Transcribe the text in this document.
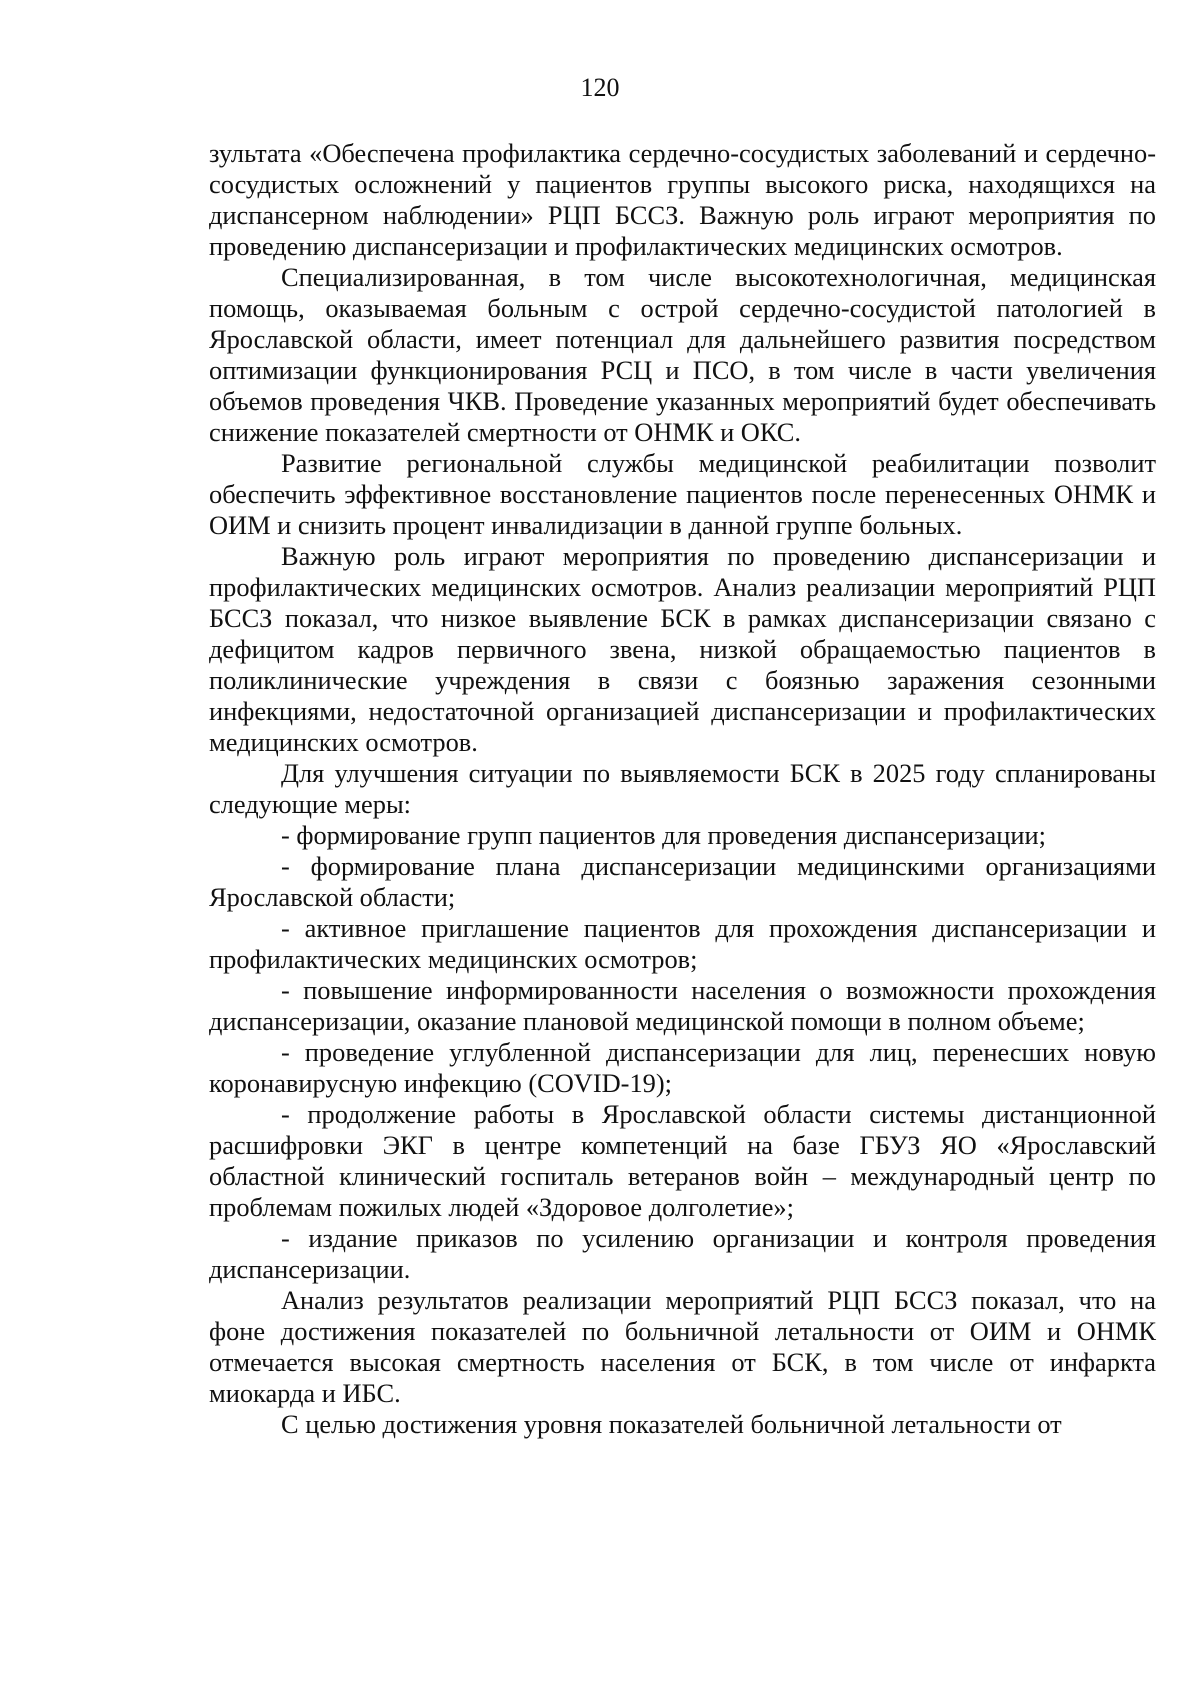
120

зультата «Обеспечена профилактика сердечно-сосудистых заболеваний и сердечно-сосудистых осложнений у пациентов группы высокого риска, находящихся на диспансерном наблюдении» РЦП БССЗ. Важную роль играют мероприятия по проведению диспансеризации и профилактических медицинских осмотров.

Специализированная, в том числе высокотехнологичная, медицинская помощь, оказываемая больным с острой сердечно-сосудистой патологией в Ярославской области, имеет потенциал для дальнейшего развития посредством оптимизации функционирования РСЦ и ПСО, в том числе в части увеличения объемов проведения ЧКВ. Проведение указанных мероприятий будет обеспечивать снижение показателей смертности от ОНМК и ОКС.

Развитие региональной службы медицинской реабилитации позволит обеспечить эффективное восстановление пациентов после перенесенных ОНМК и ОИМ и снизить процент инвалидизации в данной группе больных.

Важную роль играют мероприятия по проведению диспансеризации и профилактических медицинских осмотров. Анализ реализации мероприятий РЦП БССЗ показал, что низкое выявление БСК в рамках диспансеризации связано с дефицитом кадров первичного звена, низкой обращаемостью пациентов в поликлинические учреждения в связи с боязнью заражения сезонными инфекциями, недостаточной организацией диспансеризации и профилактических медицинских осмотров.

Для улучшения ситуации по выявляемости БСК в 2025 году спланированы следующие меры:

- формирование групп пациентов для проведения диспансеризации;

- формирование плана диспансеризации медицинскими организациями Ярославской области;

- активное приглашение пациентов для прохождения диспансеризации и профилактических медицинских осмотров;

- повышение информированности населения о возможности прохождения диспансеризации, оказание плановой медицинской помощи в полном объеме;

- проведение углубленной диспансеризации для лиц, перенесших новую коронавирусную инфекцию (COVID-19);

- продолжение работы в Ярославской области системы дистанционной расшифровки ЭКГ в центре компетенций на базе ГБУЗ ЯО «Ярославский областной клинический госпиталь ветеранов войн – международный центр по проблемам пожилых людей «Здоровое долголетие»;

- издание приказов по усилению организации и контроля проведения диспансеризации.

Анализ результатов реализации мероприятий РЦП БССЗ показал, что на фоне достижения показателей по больничной летальности от ОИМ и ОНМК отмечается высокая смертность населения от БСК, в том числе от инфаркта миокарда и ИБС.

С целью достижения уровня показателей больничной летальности от
